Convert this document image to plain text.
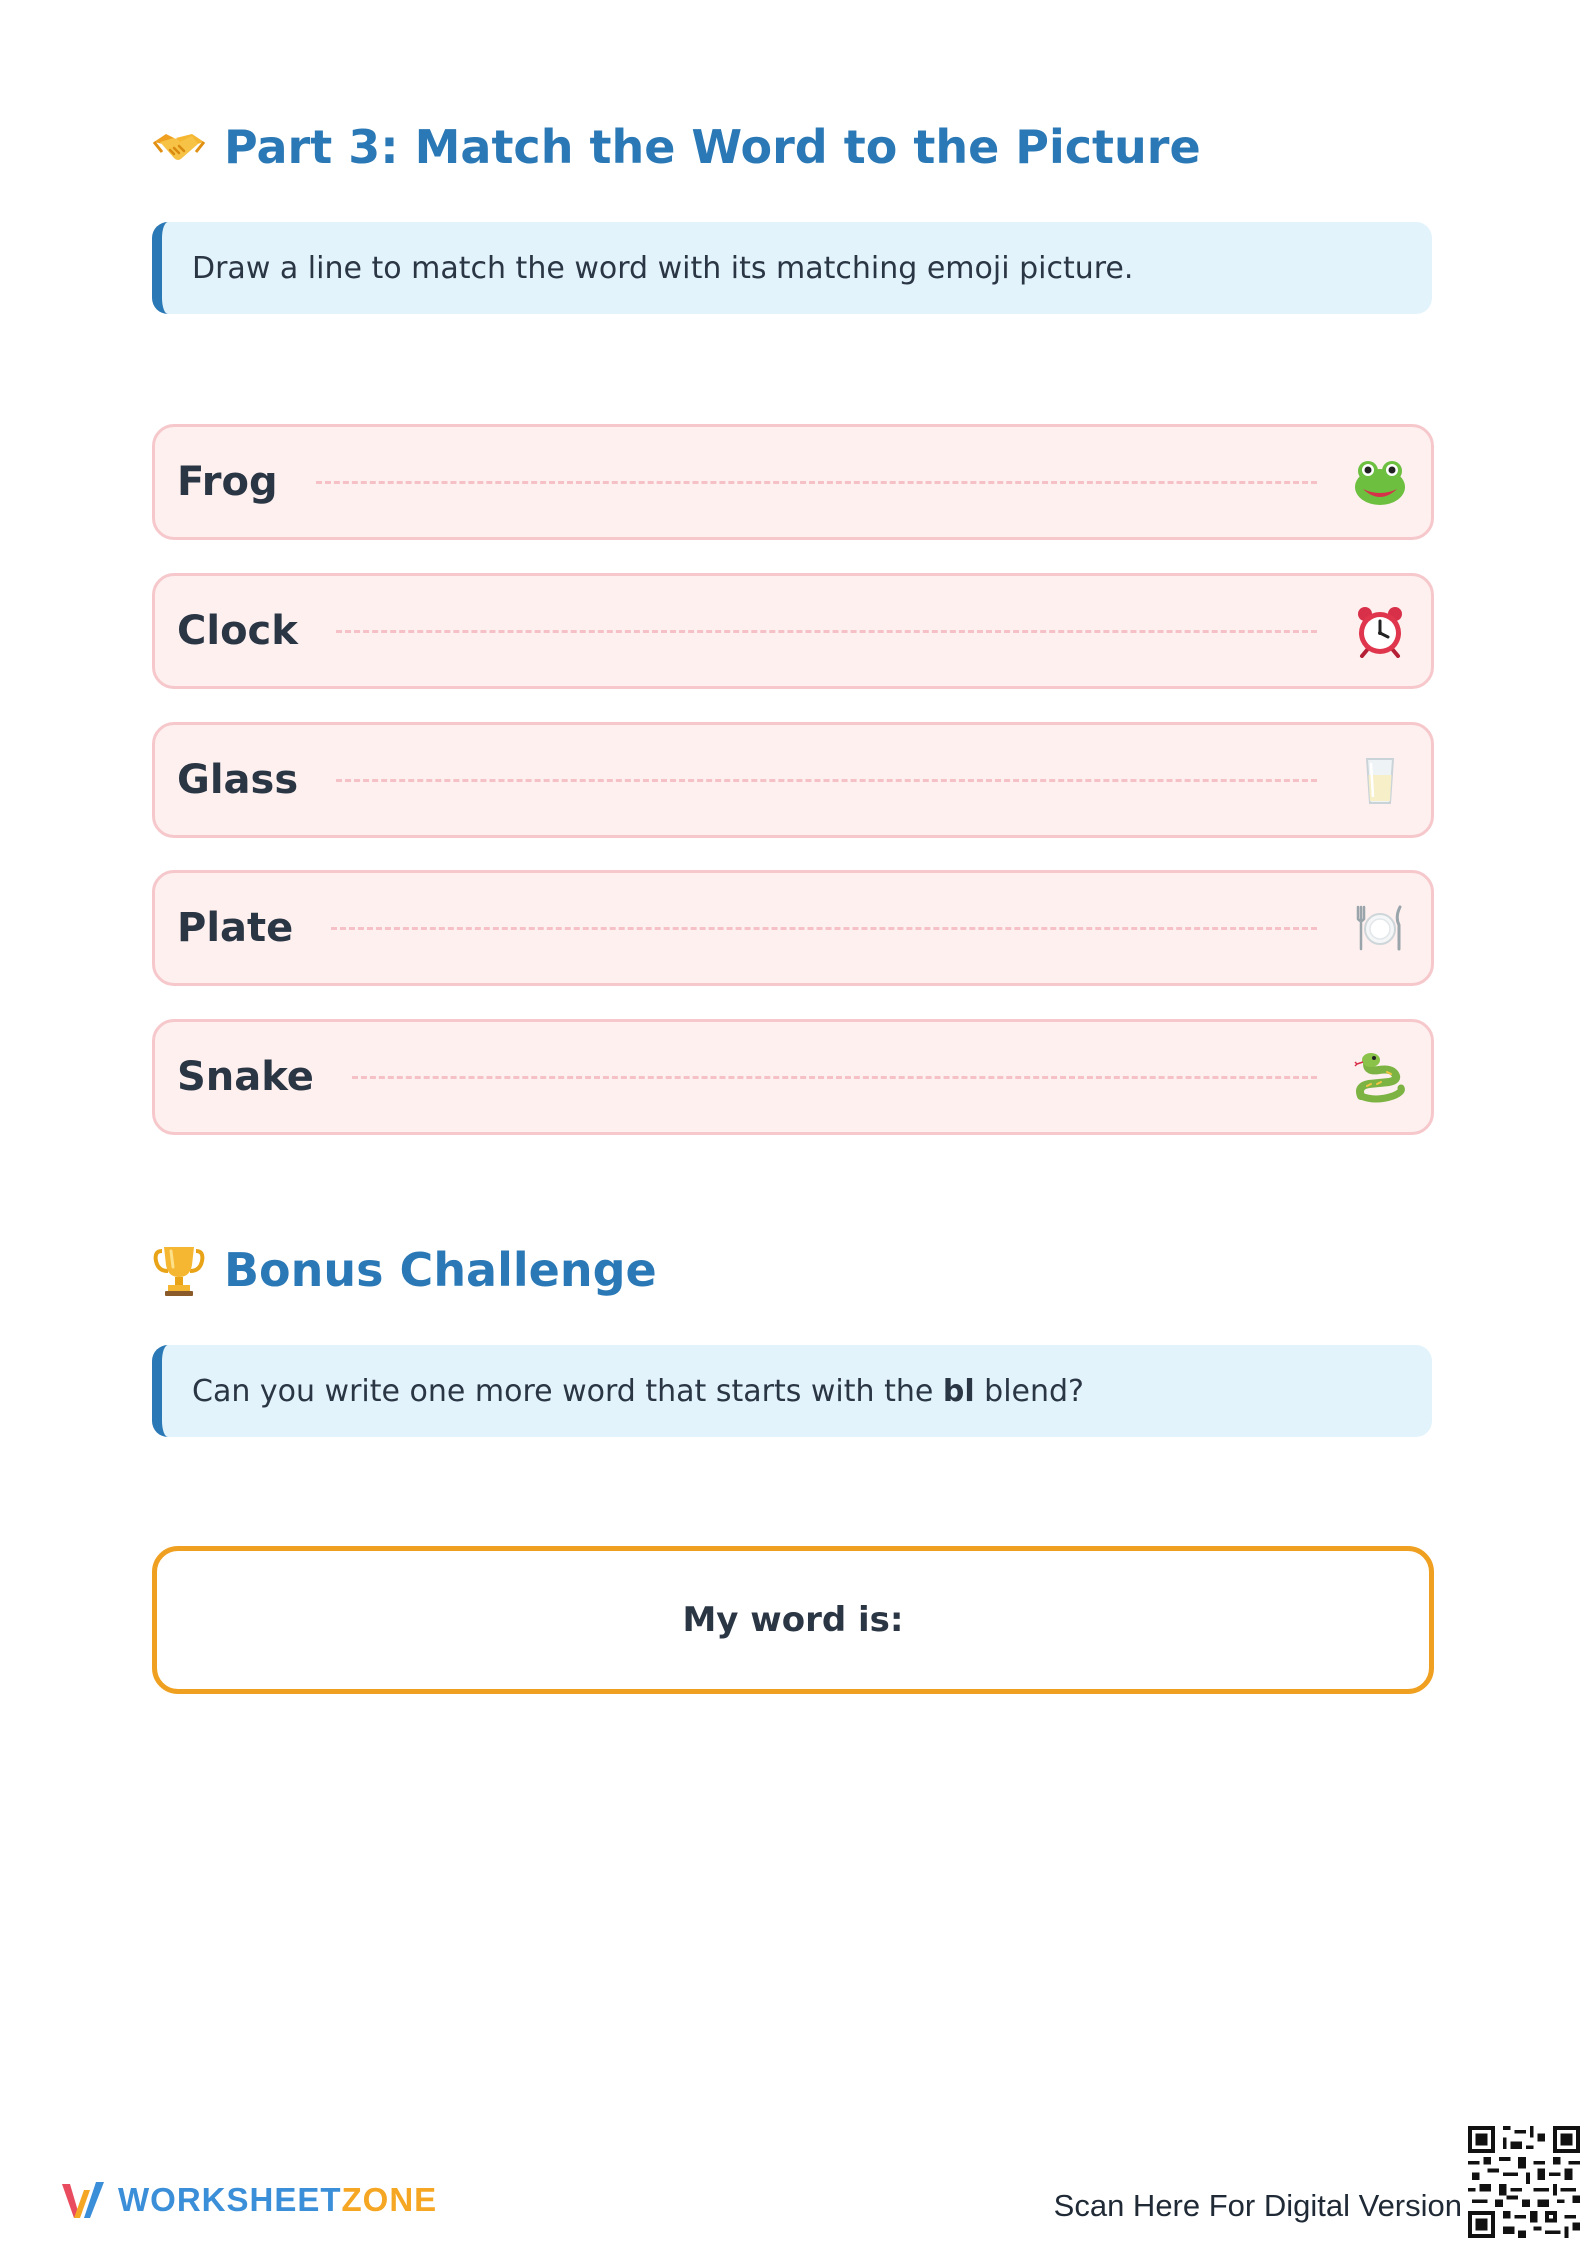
Part 3: Match the Word to the Picture
Draw a line to match the word with its matching emoji picture.
Frog
Clock
Glass
Plate
Snake
Bonus Challenge
Can you write one more word that starts with the bl blend?
My word is:
WORKSHEETZONE	Scan Here For Digital Version
